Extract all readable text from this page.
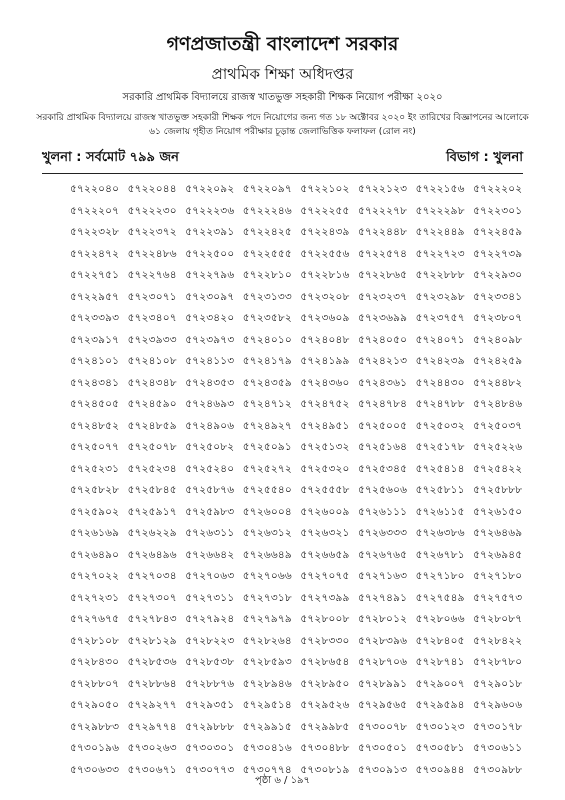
গণপ্রজাতন্ত্রী বাংলাদেশ সরকার
প্রাথমিক শিক্ষা অধিদপ্তর
সরকারি প্রাথমিক বিদ্যালয়ে রাজস্ব খাতভুক্ত সহকারী শিক্ষক নিয়োগ পরীক্ষা ২০২০
সরকারি প্রাথমিক বিদ্যালয়ে রাজস্ব খাতভুক্ত সহকারী শিক্ষক পদে নিয়োগের জন্য গত ১৮ অক্টোবর ২০২০ ইং তারিখের বিজ্ঞাপনের আলোকে ৬১ জেলায় গৃহীত নিয়োগ পরীক্ষার চূড়ান্ত জেলাভিত্তিক ফলাফল (রোল নং)
খুলনা : সর্বমোট ৭৯৯ জন	বিভাগ : খুলনা
৫৭২২০৪০ ৫৭২২০৪৪ ৫৭২২০৯২ ৫৭২২০৯৭ ৫৭২২১০২ ৫৭২২১২৩ ৫৭২২১৫৬ ৫৭২২২০২
৫৭২২২০৭ ৫৭২২২৩০ ৫৭২২২৩৬ ৫৭২২২৪৬ ৫৭২২২৫৫ ৫৭২২২৭৮ ৫৭২২২৯৮ ৫৭২২৩০১
৫৭২২৩২৮ ৫৭২২৩৭২ ৫৭২২৩৯১ ৫৭২২৪২৫ ৫৭২২৪৩৯ ৫৭২২৪৪৮ ৫৭২২৪৪৯ ৫৭২২৪৫৯
৫৭২২৪৭২ ৫৭২২৪৮৬ ৫৭২২৫০০ ৫৭২২৫৫৫ ৫৭২২৫৫৬ ৫৭২২৫৭৪ ৫৭২২৭২৩ ৫৭২২৭৩৯
৫৭২২৭৫১ ৫৭২২৭৬৪ ৫৭২২৭৯৬ ৫৭২২৮১০ ৫৭২২৮১৬ ৫৭২২৮৬৫ ৫৭২২৮৮৮ ৫৭২২৯৩০
৫৭২২৯৫৭ ৫৭২৩০৭১ ৫৭২৩০৯৭ ৫৭২৩১৩৩ ৫৭২৩২০৮ ৫৭২৩২৩৭ ৫৭২৩২৯৮ ৫৭২৩৩৪১
৫৭২৩৩৯৩ ৫৭২৩৪০৭ ৫৭২৩৪২০ ৫৭২৩৫৮২ ৫৭২৩৬০৯ ৫৭২৩৬৯৯ ৫৭২৩৭৫৭ ৫৭২৩৮০৭
৫৭২৩৯১৭ ৫৭২৩৯৩৩ ৫৭২৩৯৭৩ ৫৭২৪০১০ ৫৭২৪০৪৮ ৫৭২৪০৫০ ৫৭২৪০৭১ ৫৭২৪০৯৮
৫৭২৪১০১ ৫৭২৪১০৮ ৫৭২৪১১৩ ৫৭২৪১৭৯ ৫৭২৪১৯৯ ৫৭২৪২১৩ ৫৭২৪২৩৯ ৫৭২৪২৫৯
৫৭২৪৩৪১ ৫৭২৪৩৪৮ ৫৭২৪৩৫৩ ৫৭২৪৩৫৯ ৫৭২৪৩৬০ ৫৭২৪৩৬১ ৫৭২৪৪৩০ ৫৭২৪৪৮২
৫৭২৪৫০৫ ৫৭২৪৫৯০ ৫৭২৪৬৯৩ ৫৭২৪৭১২ ৫৭২৪৭৫২ ৫৭২৪৭৮৪ ৫৭২৪৭৮৮ ৫৭২৪৮৪৬
৫৭২৪৮৫২ ৫৭২৪৮৫৯ ৫৭২৪৯০৬ ৫৭২৪৯২৭ ৫৭২৪৯৫১ ৫৭২৫০০৫ ৫৭২৫০৩২ ৫৭২৫০৩৭
৫৭২৫০৭৭ ৫৭২৫০৭৮ ৫৭২৫০৮২ ৫৭২৫০৯১ ৫৭২৫১৩২ ৫৭২৫১৬৪ ৫৭২৫১৭৮ ৫৭২৫২২৬
৫৭২৫২৩১ ৫৭২৫২৩৪ ৫৭২৫২৪০ ৫৭২৫২৭২ ৫৭২৫৩২০ ৫৭২৫৩৪৫ ৫৭২৫৪১৪ ৫৭২৫৪২২
৫৭২৫৮২৮ ৫৭২৫৮৪৫ ৫৭২৫৮৭৬ ৫৭২৫৫৪০ ৫৭২৫৫৫৮ ৫৭২৫৬০৬ ৫৭২৫৮১১ ৫৭২৫৮৮৮
৫৭২৫৯০২ ৫৭২৫৯১৭ ৫৭২৫৯৮৩ ৫৭২৬০০৪ ৫৭২৬০০৯ ৫৭২৬১১১ ৫৭২৬১১৫ ৫৭২৬১৫০
৫৭২৬১৬৯ ৫৭২৬২২৯ ৫৭২৬৩১১ ৫৭২৬৩১২ ৫৭২৬৩২১ ৫৭২৬৩৩৩ ৫৭২৬৩৮৬ ৫৭২৬৪৬৯
৫৭২৬৪৯০ ৫৭২৬৪৯৬ ৫৭২৬৬৪২ ৫৭২৬৬৪৯ ৫৭২৬৬৫৯ ৫৭২৬৭৬৫ ৫৭২৬৭৮১ ৫৭২৬৯৪৫
৫৭২৭০২২ ৫৭২৭০৩৪ ৫৭২৭০৬৩ ৫৭২৭০৬৬ ৫৭২৭০৭৫ ৫৭২৭১৬৩ ৫৭২৭১৮০ ৫৭২৭১৮০
৫৭২৭২৩১ ৫৭২৭৩০৭ ৫৭২৭৩১১ ৫৭২৭৩১৮ ৫৭২৭৩৯৯ ৫৭২৭৪৯১ ৫৭২৭৫৪৯ ৫৭২৭৫৭৩
৫৭২৭৬৭৫ ৫৭২৭৮৪৩ ৫৭২৭৯২৪ ৫৭২৭৯৭৯ ৫৭২৮০০৮ ৫৭২৮০১২ ৫৭২৮০৬৬ ৫৭২৮০৮৭
৫৭২৮১০৮ ৫৭২৮১২৯ ৫৭২৮২২৩ ৫৭২৮২৬৪ ৫৭২৮৩৩০ ৫৭২৮৩৯৬ ৫৭২৮৪০৫ ৫৭২৮৪২২
৫৭২৮৪৩০ ৫৭২৮৫৩৬ ৫৭২৮৫৩৮ ৫৭২৮৫৯৩ ৫৭২৮৬৫৪ ৫৭২৮৭০৬ ৫৭২৮৭৪১ ৫৭২৮৭৮০
৫৭২৮৮০৭ ৫৭২৮৮৬৪ ৫৭২৮৮৭৬ ৫৭২৮৯৪৬ ৫৭২৮৯৫০ ৫৭২৮৯৯১ ৫৭২৯০০৭ ৫৭২৯০১৮
৫৭২৯০৫০ ৫৭২৯২৭৭ ৫৭২৯৩৫১ ৫৭২৯৫১৪ ৫৭২৯৫২৬ ৫৭২৯৫৬৫ ৫৭২৯৫৯৪ ৫৭২৯৬০৬
৫৭২৯৮৮৩ ৫৭২৯৭৭৪ ৫৭২৯৮৮৮ ৫৭২৯৯১৫ ৫৭২৯৯৮৫ ৫৭৩০০৭৮ ৫৭৩০১২৩ ৫৭৩০১৭৮
৫৭৩০১৯৬ ৫৭৩০২৬৩ ৫৭৩০৩০১ ৫৭৩০৪১৬ ৫৭৩০৪৮৮ ৫৭৩০৫০১ ৫৭৩০৫৮১ ৫৭৩০৬১১
৫৭৩০৬৩৩ ৫৭৩০৬৭১ ৫৭৩০৭৭৩ ৫৭৩০৭৭৪ ৫৭৩০৮১৯ ৫৭৩০৯১৩ ৫৭৩০৯৪৪ ৫৭৩০৯৮৮
পৃষ্ঠা ৬ / ১৯৭
